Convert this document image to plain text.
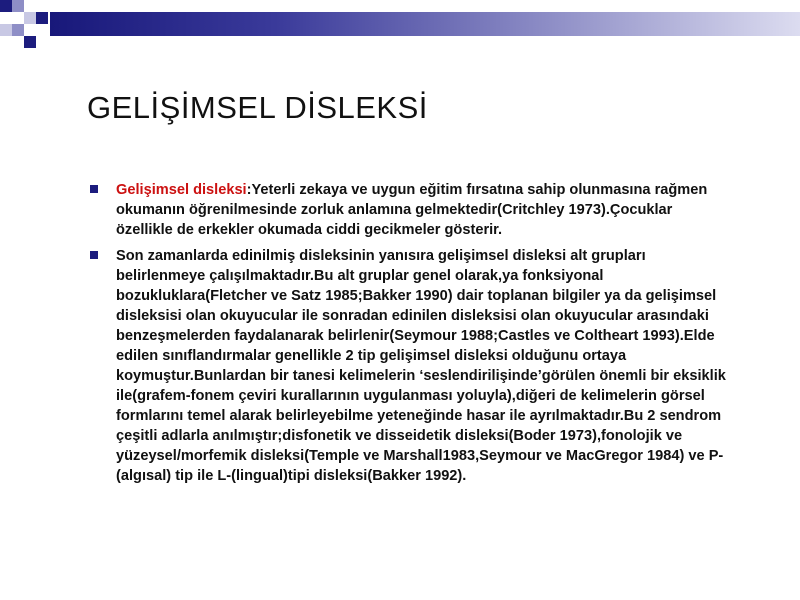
GELİŞİMSEL DİSLEKSİ
Gelişimsel disleksi:Yeterli zekaya ve uygun eğitim fırsatına sahip olunmasına rağmen okumanın öğrenilmesinde zorluk anlamına gelmektedir(Critchley 1973).Çocuklar özellikle de erkekler okumada ciddi gecikmeler gösterir.
Son zamanlarda edinilmiş disleksinin yanısıra gelişimsel disleksi alt grupları belirlenmeye çalışılmaktadır.Bu alt gruplar genel olarak,ya fonksiyonal bozukluklara(Fletcher ve Satz 1985;Bakker 1990) dair toplanan bilgiler ya da gelişimsel disleksisi olan okuyucular ile sonradan edinilen disleksisi olan okuyucular arasındaki benzeşmelerden faydalanarak belirlenir(Seymour 1988;Castles ve Coltheart 1993).Elde edilen sınıflandırmalar genellikle 2 tip gelişimsel disleksi olduğunu ortaya koymuştur.Bunlardan bir tanesi kelimelerin ‘seslendirilişinde’görülen önemli bir eksiklik ile(grafem-fonem çeviri kurallarının uygulanması yoluyla),diğeri de kelimelerin görsel formlarını temel alarak belirleyebilme yeteneğinde hasar ile ayrılmaktadır.Bu 2 sendrom çeşitli adlarla anılmıştır;disfonetik ve disseidetik disleksi(Boder 1973),fonolojik ve yüzeysel/morfemik disleksi(Temple ve Marshall1983,Seymour ve MacGregor 1984) ve P-(algısal) tip ile L-(lingual)tipi disleksi(Bakker 1992).
